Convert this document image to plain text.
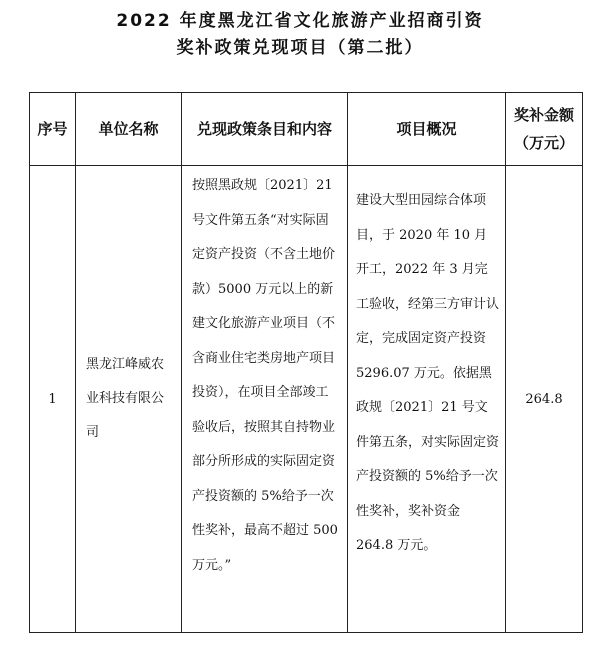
2022 年度黑龙江省文化旅游产业招商引资
奖补政策兑现项目（第二批）
序号	单位名称	兑现政策条目和内容	项目概况	奖补金额（万元）
1	黑龙江峰威农业科技有限公司	按照黑政规〔2021〕21 号文件第五条“对实际固定资产投资（不含土地价款）5000 万元以上的新建文化旅游产业项目（不含商业住宅类房地产项目投资），在项目全部竣工验收后，按照其自持物业部分所形成的实际固定资产投资额的 5%给予一次性奖补，最高不超过 500 万元。”	建设大型田园综合体项目，于 2020 年 10 月开工，2022 年 3 月完工验收，经第三方审计认定，完成固定资产投资 5296.07 万元。依据黑政规〔2021〕21 号文件第五条，对实际固定资产投资额的 5%给予一次性奖补，奖补资金 264.8 万元。	264.8
